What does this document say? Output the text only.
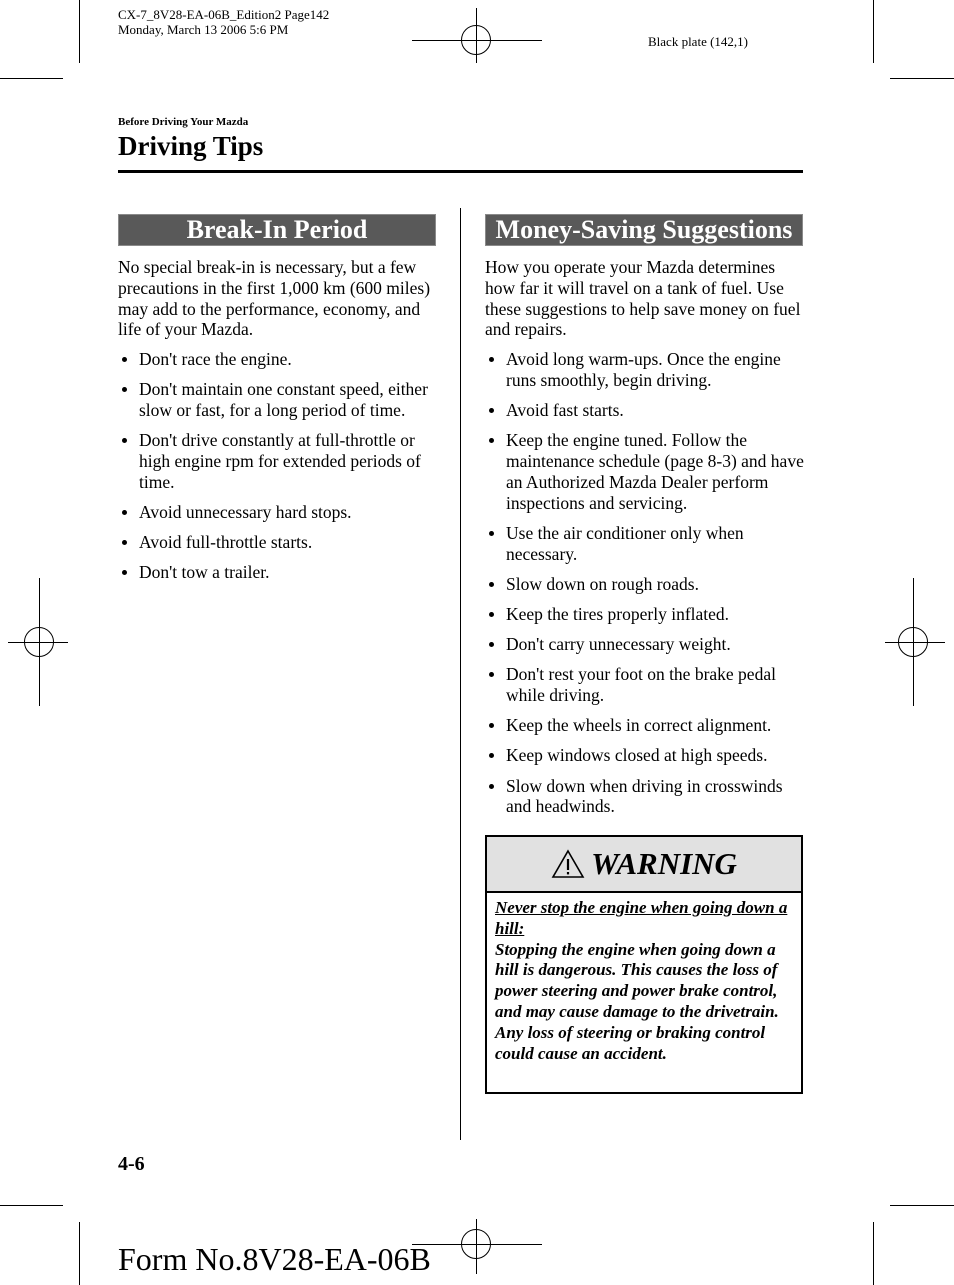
CX-7_8V28-EA-06B_Edition2 Page142
Monday, March 13 2006 5:6 PM
Black plate (142,1)
Before Driving Your Mazda
Driving Tips
Break-In Period
No special break-in is necessary, but a few precautions in the first 1,000 km (600 miles) may add to the performance, economy, and life of your Mazda.
Don't race the engine.
Don't maintain one constant speed, either slow or fast, for a long period of time.
Don't drive constantly at full-throttle or high engine rpm for extended periods of time.
Avoid unnecessary hard stops.
Avoid full-throttle starts.
Don't tow a trailer.
Money-Saving Suggestions
How you operate your Mazda determines how far it will travel on a tank of fuel. Use these suggestions to help save money on fuel and repairs.
Avoid long warm-ups. Once the engine runs smoothly, begin driving.
Avoid fast starts.
Keep the engine tuned. Follow the maintenance schedule (page 8-3) and have an Authorized Mazda Dealer perform inspections and servicing.
Use the air conditioner only when necessary.
Slow down on rough roads.
Keep the tires properly inflated.
Don't carry unnecessary weight.
Don't rest your foot on the brake pedal while driving.
Keep the wheels in correct alignment.
Keep windows closed at high speeds.
Slow down when driving in crosswinds and headwinds.
WARNING
Never stop the engine when going down a hill:
Stopping the engine when going down a hill is dangerous. This causes the loss of power steering and power brake control, and may cause damage to the drivetrain. Any loss of steering or braking control could cause an accident.
4-6
Form No.8V28-EA-06B
